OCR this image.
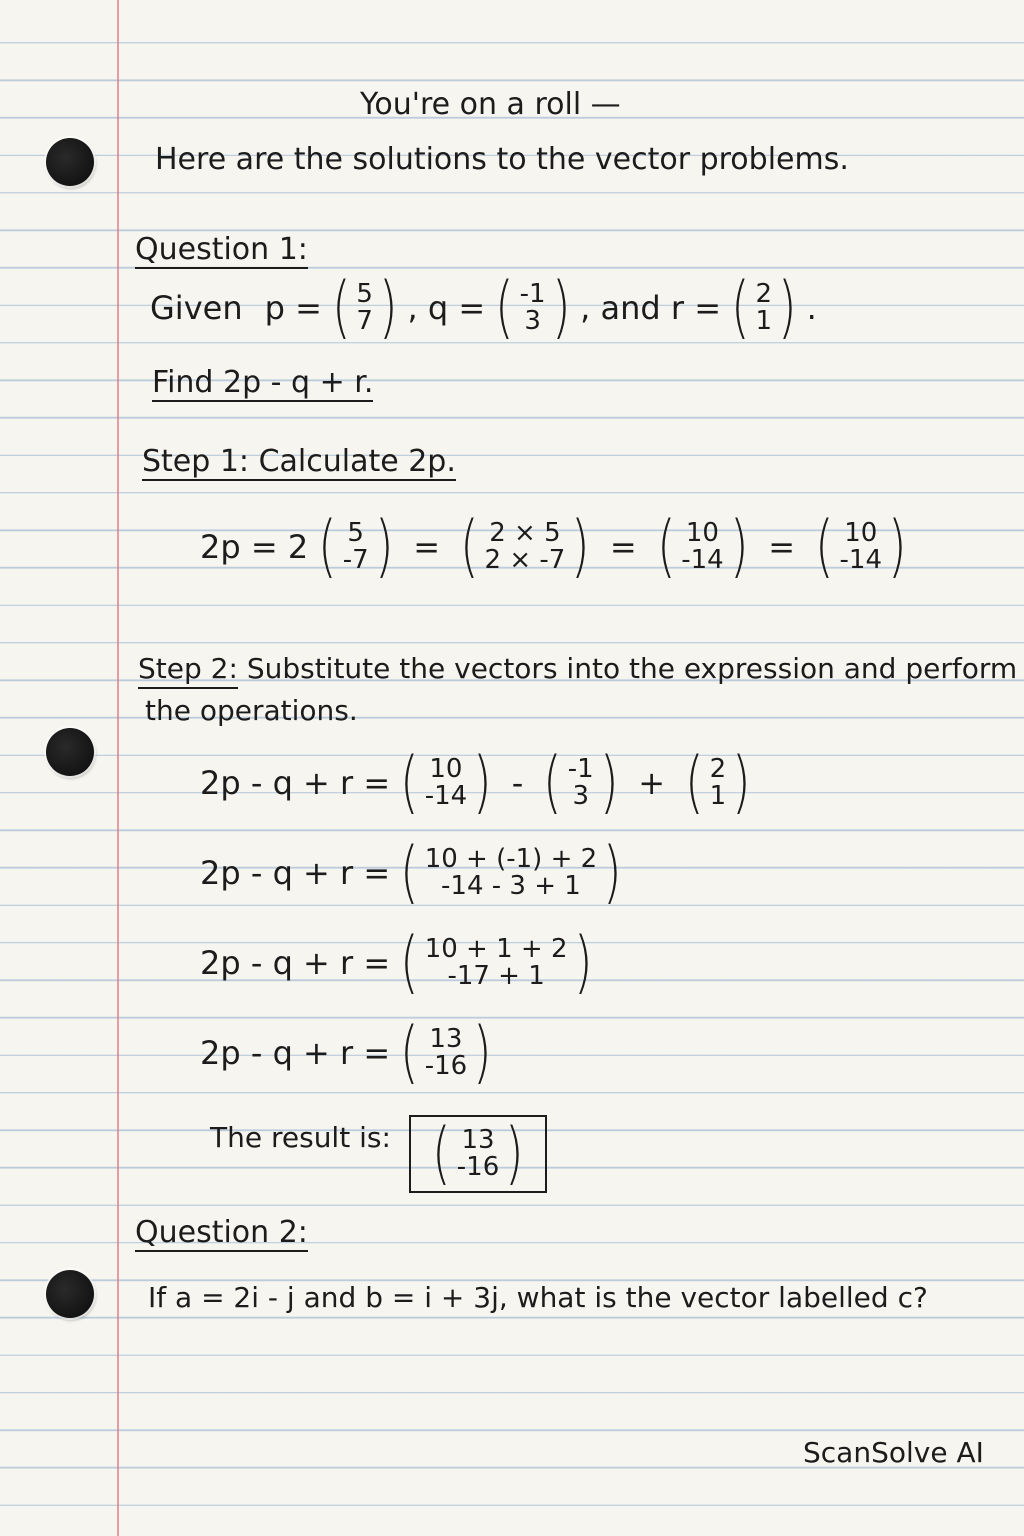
You're on a roll —
Here are the solutions to the vector problems.
Question 1:
Given p = ( 5
7 ) , q = ( -1
3 ) , and r = ( 2
1 ) .
Find 2p - q + r.
Step 1: Calculate 2p.
2p = 2 ( 5
-7 ) = ( 2 × 5
2 × -7 ) = ( 10
-14 ) = ( 10
-14 )
Step 2: Substitute the vectors into the expression and perform
the operations.
2p - q + r = ( 10
-14 ) - ( -1
3 ) + ( 2
1 )
2p - q + r = ( 10 + (-1) + 2
-14 - 3 + 1 )
2p - q + r = ( 10 + 1 + 2
-17 + 1 )
2p - q + r = ( 13
-16 )
The result is: ( 13
-16 )
Question 2:
If a = 2i - j and b = i + 3j, what is the vector labelled c?
ScanSolve AI
